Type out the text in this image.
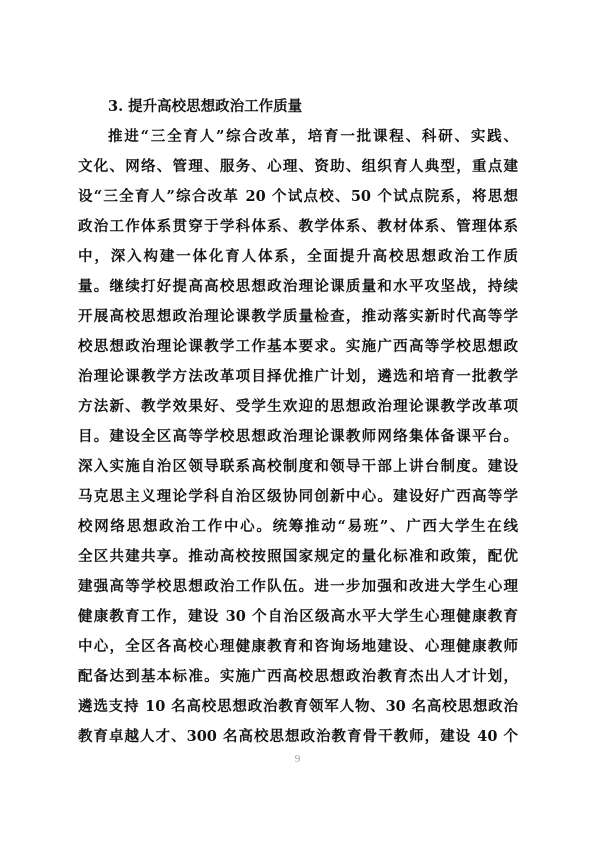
3. 提升高校思想政治工作质量
推进“三全育人”综合改革，培育一批课程、科研、实践、
文化、网络、管理、服务、心理、资助、组织育人典型，重点建
设“三全育人”综合改革 20 个试点校、50 个试点院系，将思想
政治工作体系贯穿于学科体系、教学体系、教材体系、管理体系
中，深入构建一体化育人体系，全面提升高校思想政治工作质
量。继续打好提高高校思想政治理论课质量和水平攻坚战，持续
开展高校思想政治理论课教学质量检查，推动落实新时代高等学
校思想政治理论课教学工作基本要求。实施广西高等学校思想政
治理论课教学方法改革项目择优推广计划，遴选和培育一批教学
方法新、教学效果好、受学生欢迎的思想政治理论课教学改革项
目。建设全区高等学校思想政治理论课教师网络集体备课平台。
深入实施自治区领导联系高校制度和领导干部上讲台制度。建设
马克思主义理论学科自治区级协同创新中心。建设好广西高等学
校网络思想政治工作中心。统筹推动“易班”、广西大学生在线
全区共建共享。推动高校按照国家规定的量化标准和政策，配优
建强高等学校思想政治工作队伍。进一步加强和改进大学生心理
健康教育工作，建设 30 个自治区级高水平大学生心理健康教育
中心，全区各高校心理健康教育和咨询场地建设、心理健康教师
配备达到基本标准。实施广西高校思想政治教育杰出人才计划，
遴选支持 10 名高校思想政治教育领军人物、30 名高校思想政治
教育卓越人才、300 名高校思想政治教育骨干教师，建设 40 个
9
